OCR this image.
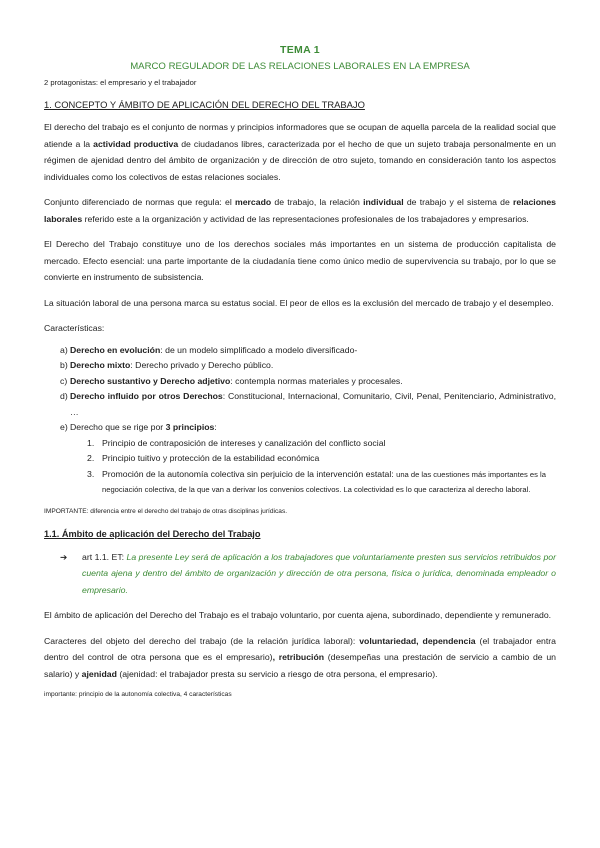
TEMA 1
MARCO REGULADOR DE LAS RELACIONES LABORALES EN LA EMPRESA
2 protagonistas: el empresario y el trabajador
1. CONCEPTO Y ÁMBITO DE APLICACIÓN DEL DERECHO DEL TRABAJO

El derecho del trabajo es el conjunto de normas y principios informadores que se ocupan de aquella parcela de la realidad social que atiende a la actividad productiva de ciudadanos libres, caracterizada por el hecho de que un sujeto trabaja personalmente en un régimen de ajenidad dentro del ámbito de organización y de dirección de otro sujeto, tomando en consideración tanto los aspectos individuales como los colectivos de estas relaciones sociales.

Conjunto diferenciado de normas que regula: el mercado de trabajo, la relación individual de trabajo y el sistema de relaciones laborales referido este a la organización y actividad de las representaciones profesionales de los trabajadores y empresarios.

El Derecho del Trabajo constituye uno de los derechos sociales más importantes en un sistema de producción capitalista de mercado. Efecto esencial: una parte importante de la ciudadanía tiene como único medio de supervivencia su trabajo, por lo que se convierte en instrumento de subsistencia.

La situación laboral de una persona marca su estatus social. El peor de ellos es la exclusión del mercado de trabajo y el desempleo.

Características:

a) Derecho en evolución: de un modelo simplificado a modelo diversificado-
b) Derecho mixto: Derecho privado y Derecho público.
c) Derecho sustantivo y Derecho adjetivo: contempla normas materiales y procesales.
d) Derecho influido por otros Derechos: Constitucional, Internacional, Comunitario, Civil, Penal, Penitenciario, Administrativo, …
e) Derecho que se rige por 3 principios:
1. Principio de contraposición de intereses y canalización del conflicto social
2. Principio tuitivo y protección de la estabilidad económica
3. Promoción de la autonomía colectiva sin perjuicio de la intervención estatal: una de las cuestiones más importantes es la negociación colectiva, de la que van a derivar los convenios colectivos. La colectividad es lo que caracteriza al derecho laboral.
IMPORTANTE: diferencia entre el derecho del trabajo de otras disciplinas jurídicas.
1.1. Ámbito de aplicación del Derecho del Trabajo
➔ art 1.1. ET: La presente Ley será de aplicación a los trabajadores que voluntariamente presten sus servicios retribuidos por cuenta ajena y dentro del ámbito de organización y dirección de otra persona, física o jurídica, denominada empleador o empresario.

El ámbito de aplicación del Derecho del Trabajo es el trabajo voluntario, por cuenta ajena, subordinado, dependiente y remunerado.

Caracteres del objeto del derecho del trabajo (de la relación jurídica laboral): voluntariedad, dependencia (el trabajador entra dentro del control de otra persona que es el empresario), retribución (desempeñas una prestación de servicio a cambio de un salario) y ajenidad (ajenidad: el trabajador presta su servicio a riesgo de otra persona, el empresario).

importante: principio de la autonomía colectiva, 4 características
